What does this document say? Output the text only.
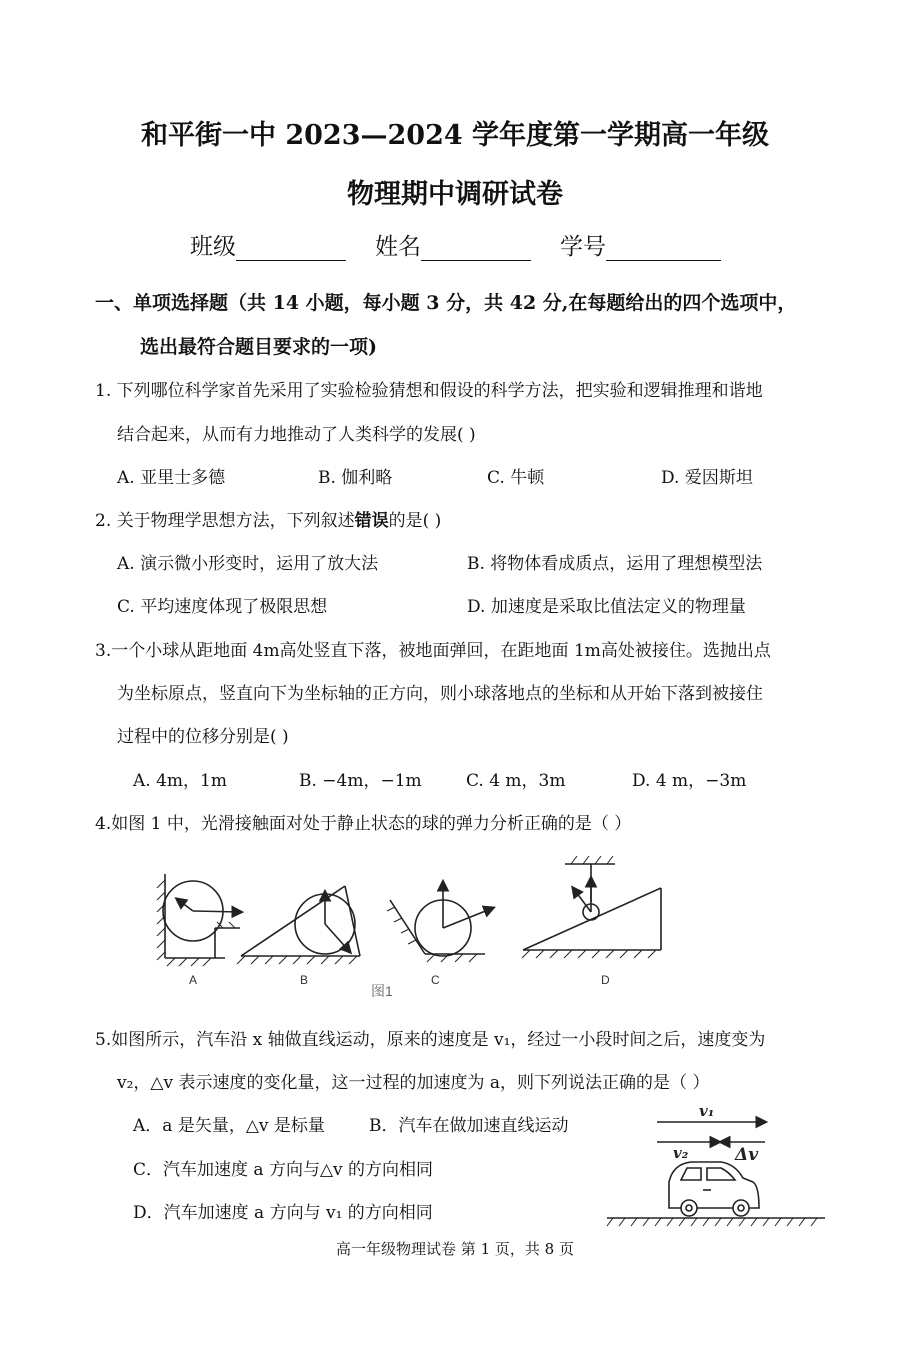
和平街一中 2023—2024 学年度第一学期高一年级
物理期中调研试卷
班级	姓名	学号
一、单项选择题（共 14 小题，每小题 3 分，共 42 分,在每题给出的四个选项中，
选出最符合题目要求的一项)
1. 下列哪位科学家首先采用了实验检验猜想和假设的科学方法，把实验和逻辑推理和谐地
结合起来，从而有力地推动了人类科学的发展( )
A. 亚里士多德	B. 伽利略	C. 牛顿	D. 爱因斯坦
2. 关于物理学思想方法，下列叙述错误的是( )
A. 演示微小形变时，运用了放大法	B. 将物体看成质点，运用了理想模型法
C. 平均速度体现了极限思想	D. 加速度是采取比值法定义的物理量
3.一个小球从距地面 4m高处竖直下落，被地面弹回，在距地面 1m高处被接住。选抛出点
为坐标原点，竖直向下为坐标轴的正方向，则小球落地点的坐标和从开始下落到被接住
过程中的位移分别是( )
A. 4m，1m	B. −4m，−1m	C. 4 m，3m	D. 4 m，−3m
4.如图 1 中，光滑接触面对处于静止状态的球的弹力分析正确的是（ ）
A	B	C	D
图1
5.如图所示，汽车沿 x 轴做直线运动，原来的速度是 v₁，经过一小段时间之后，速度变为
v₂，△v 表示速度的变化量，这一过程的加速度为 a，则下列说法正确的是（ ）
A．a 是矢量，△v 是标量	B．汽车在做加速直线运动
C．汽车加速度 a 方向与△v 的方向相同
D．汽车加速度 a 方向与 v₁ 的方向相同
v₁
v₂	Δv
高一年级物理试卷 第 1 页，共 8 页
